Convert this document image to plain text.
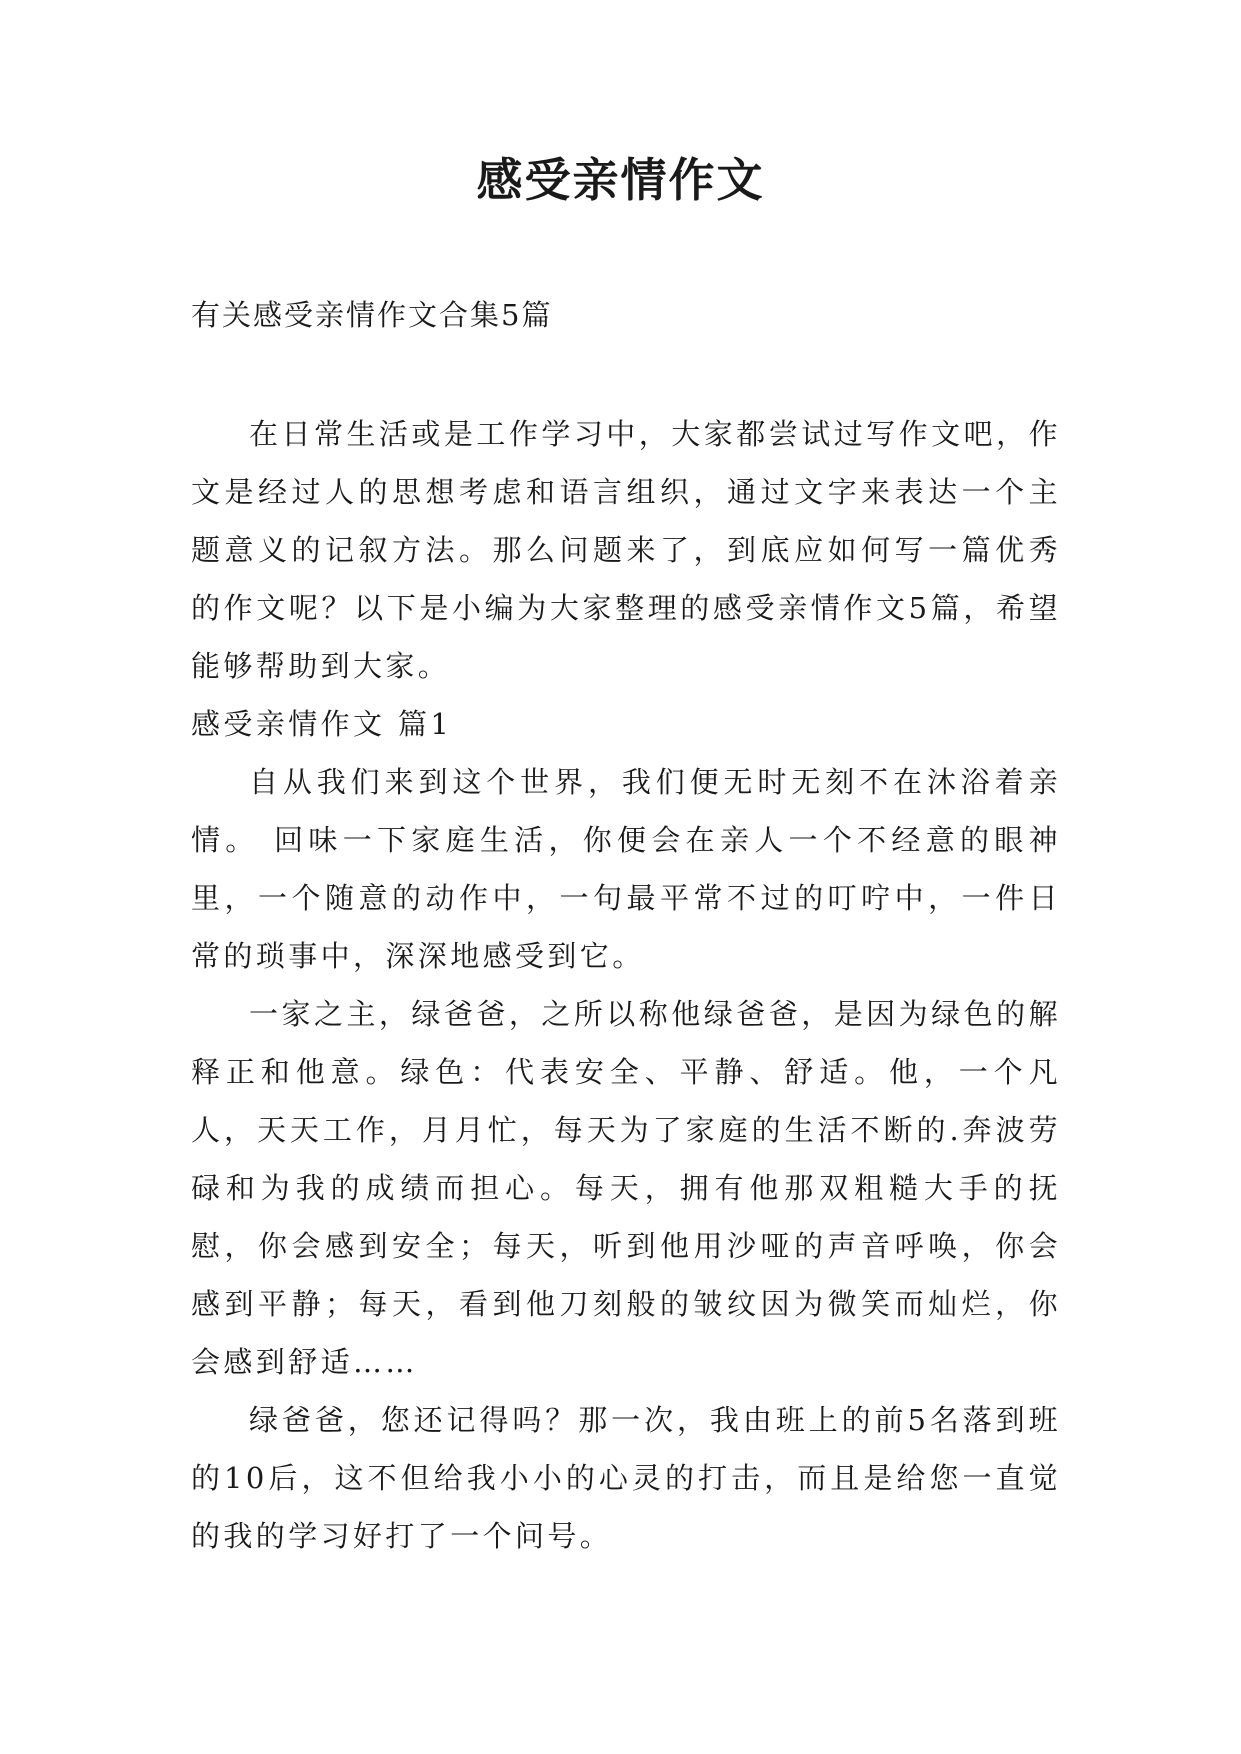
感受亲情作文
有关感受亲情作文合集5篇

在日常生活或是工作学习中，大家都尝试过写作文吧，作文是经过人的思想考虑和语言组织，通过文字来表达一个主题意义的记叙方法。那么问题来了，到底应如何写一篇优秀的作文呢？以下是小编为大家整理的感受亲情作文5篇，希望能够帮助到大家。

感受亲情作文 篇1

自从我们来到这个世界，我们便无时无刻不在沐浴着亲情。 回味一下家庭生活，你便会在亲人一个不经意的眼神里，一个随意的动作中，一句最平常不过的叮咛中，一件日常的琐事中，深深地感受到它。

一家之主，绿爸爸，之所以称他绿爸爸，是因为绿色的解释正和他意。绿色：代表安全、平静、舒适。他，一个凡人，天天工作，月月忙，每天为了家庭的生活不断的.奔波劳碌和为我的成绩而担心。每天，拥有他那双粗糙大手的抚慰，你会感到安全；每天，听到他用沙哑的声音呼唤，你会感到平静；每天，看到他刀刻般的皱纹因为微笑而灿烂，你会感到舒适……

绿爸爸，您还记得吗？那一次，我由班上的前5名落到班的10后，这不但给我小小的心灵的打击，而且是给您一直觉的我的学习好打了一个问号。
